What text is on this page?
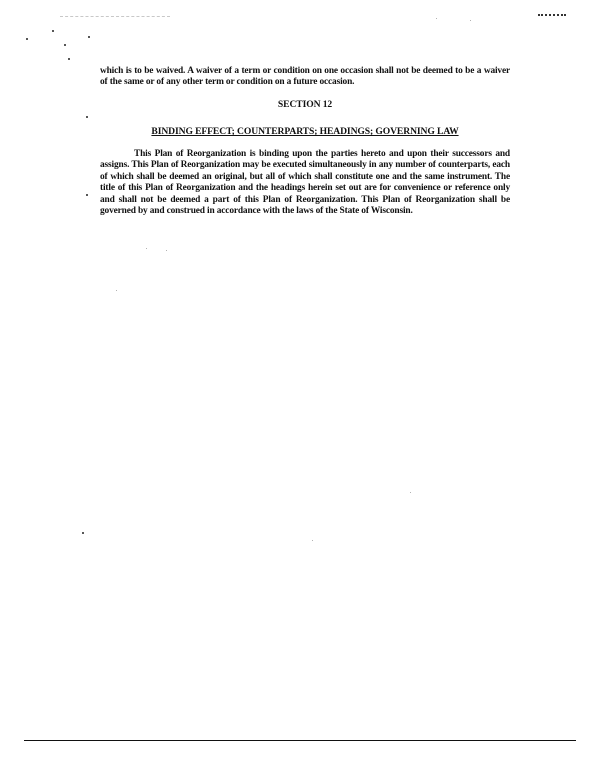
which is to be waived. A waiver of a term or condition on one occasion shall not be deemed to be a waiver of the same or of any other term or condition on a future occasion.

SECTION 12
BINDING EFFECT; COUNTERPARTS; HEADINGS; GOVERNING LAW

This Plan of Reorganization is binding upon the parties hereto and upon their successors and assigns. This Plan of Reorganization may be executed simultaneously in any number of counterparts, each of which shall be deemed an original, but all of which shall constitute one and the same instrument. The title of this Plan of Reorganization and the headings herein set out are for convenience or reference only and shall not be deemed a part of this Plan of Reorganization. This Plan of Reorganization shall be governed by and construed in accordance with the laws of the State of Wisconsin.
